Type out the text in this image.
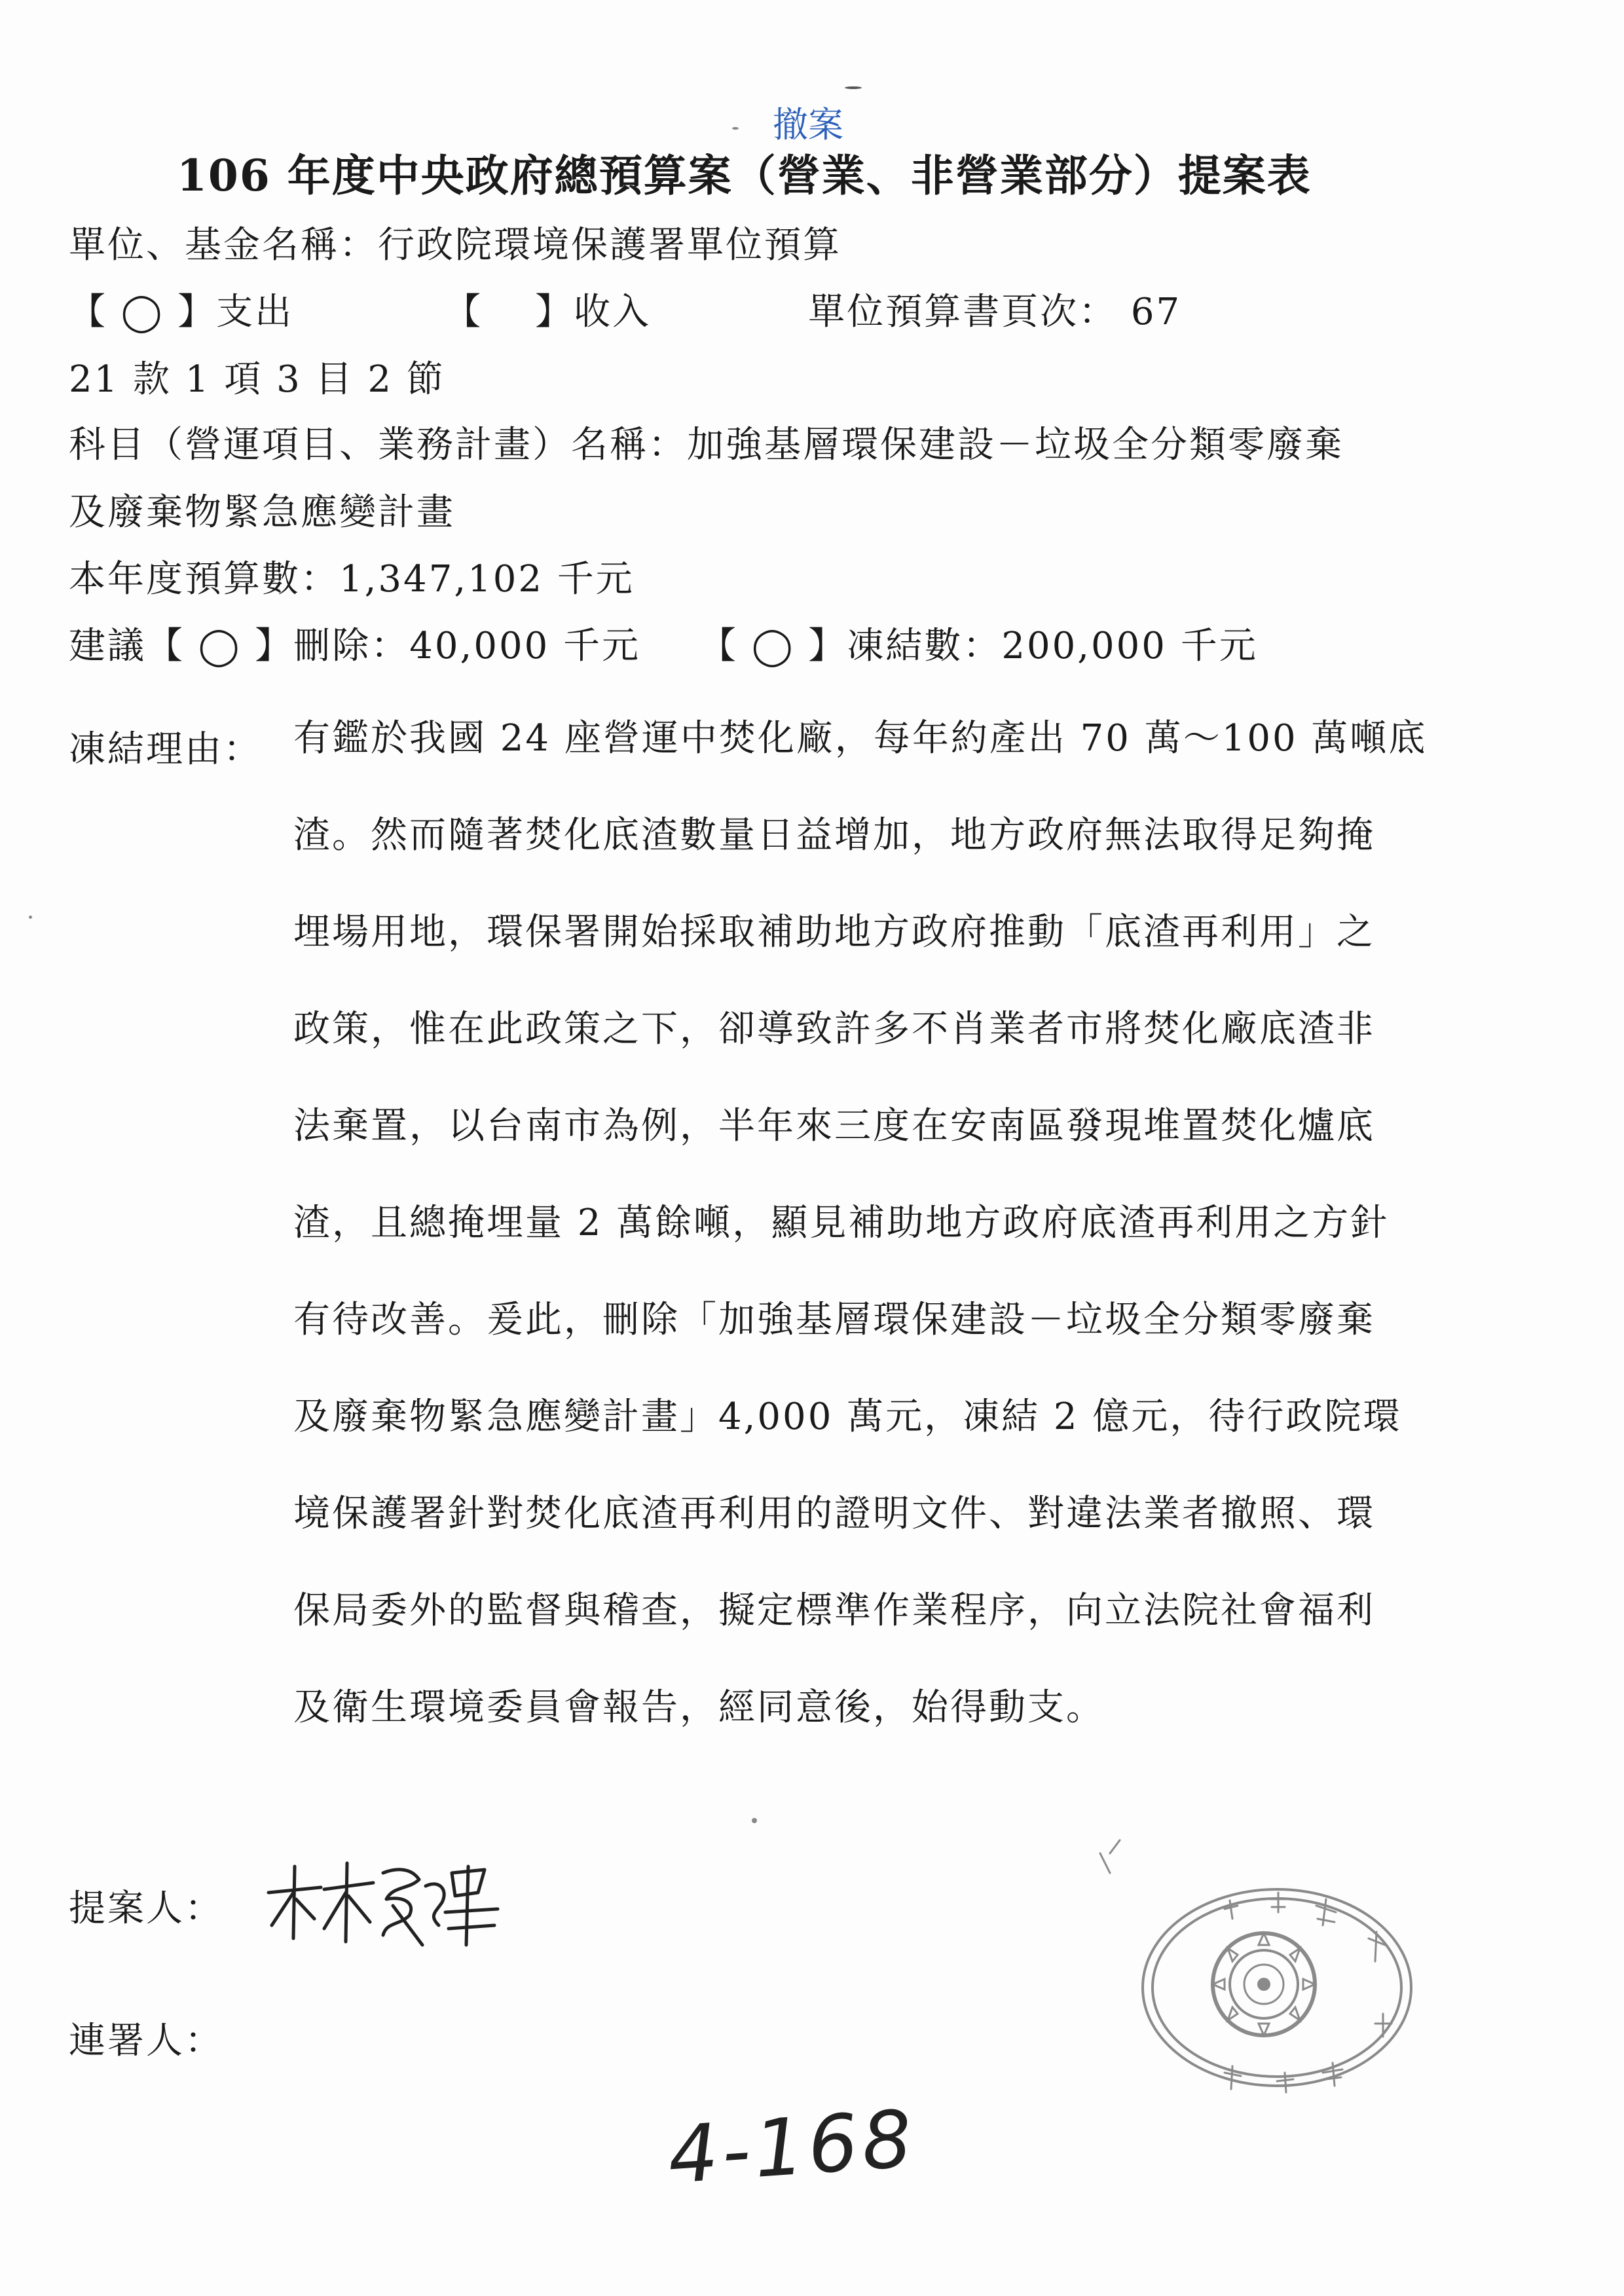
撤案
106 年度中央政府總預算案（營業、非營業部分）提案表
單位、基金名稱：行政院環境保護署單位預算
【 ◯ 】支出	【　 】收入	單位預算書頁次： 67
21 款 1 項 3 目 2 節
科目（營運項目、業務計畫）名稱：加強基層環保建設－垃圾全分類零廢棄
及廢棄物緊急應變計畫
本年度預算數：1,347,102 千元
建議【 ◯ 】刪除：40,000 千元 【 ◯ 】凍結數：200,000 千元
凍結理由： 有鑑於我國 24 座營運中焚化廠，每年約產出 70 萬～100 萬噸底
渣。然而隨著焚化底渣數量日益增加，地方政府無法取得足夠掩
埋場用地，環保署開始採取補助地方政府推動「底渣再利用」之
政策，惟在此政策之下，卻導致許多不肖業者市將焚化廠底渣非
法棄置，以台南市為例，半年來三度在安南區發現堆置焚化爐底
渣，且總掩埋量 2 萬餘噸，顯見補助地方政府底渣再利用之方針
有待改善。爰此，刪除「加強基層環保建設－垃圾全分類零廢棄
及廢棄物緊急應變計畫」4,000 萬元，凍結 2 億元，待行政院環
境保護署針對焚化底渣再利用的證明文件、對違法業者撤照、環
保局委外的監督與稽查，擬定標準作業程序，向立法院社會福利
及衛生環境委員會報告，經同意後，始得動支。
提案人：
連署人：
4-168
